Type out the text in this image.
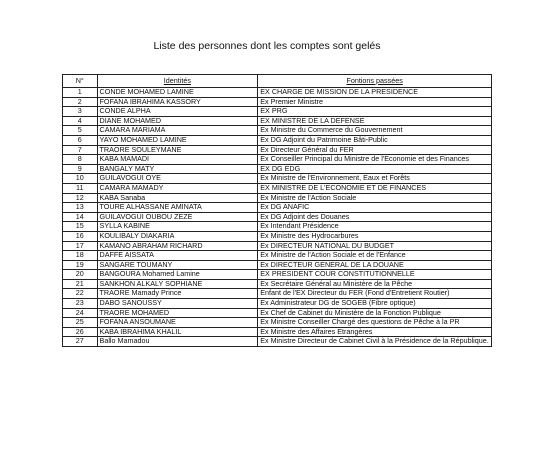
Liste des personnes dont les comptes sont gelés
N°	Identités	Fontions passées
1	CONDE MOHAMED LAMINE	EX CHARGE DE MISSION DE LA PRESIDENCE
2	FOFANA IBRAHIMA KASSORY	Ex Premier Ministre
3	CONDE ALPHA	EX PRG
4	DIANE MOHAMED	EX MINISTRE DE LA DEFENSE
5	CAMARA MARIAMA	Ex Ministre du Commerce du Gouvernement
6	YAYO MOHAMED LAMINE	Ex DG Adjoint du Patrimoine Bâti-Public
7	TRAORE SOULEYMANE	Ex Directeur Général du FER
8	KABA MAMADI	Ex Conseiller Principal du Ministre de l'Economie et des Finances
9	BANGALY MATY	EX DG EDG
10	GUILAVOGUI OYE	Ex Ministre de l'Environnement, Eaux et Forêts
11	CAMARA MAMADY	EX MINISTRE DE L'ECONOMIE ET DE FINANCES
12	KABA Sanaba	Ex Ministre de l'Action Sociale
13	TOURE ALHASSANE AMINATA	Ex DG ANAFIC
14	GUILAVOGUI OUBOU ZEZE	Ex DG Adjoint des Douanes
15	SYLLA KABINE	Ex Intendant Présidence
16	KOULIBALY DIAKARIA	Ex Ministre des Hydrocarbures
17	KAMANO ABRAHAM RICHARD	Ex DIRECTEUR NATIONAL DU BUDGET
18	DAFFE AISSATA	Ex Ministre de l'Action Sociale et de l'Enfance
19	SANGARE TOUMANY	Ex DIRECTEUR GENERAL DE LA DOUANE
20	BANGOURA Mohamed Lamine	EX PRESIDENT COUR CONSTITUTIONNELLE
21	SANKHON ALKALY SOPHIANE	Ex Secrétaire Général au Ministère de la Pêche
22	TRAORE Mamady Prince	Enfant de l'EX Directeur du FER (Fond d'Entretient Routier)
23	DABO SANOUSSY	Ex Administrateur DG de SOGEB (Fibre optique)
24	TRAORE MOHAMED	Ex Chef de Cabinet du Ministère de la Fonction Publique
25	FOFANA ANSOUMANE	Ex Ministre Conseiller Chargé des questions de Pêche à la PR
26	KABA IBRAHIMA KHALIL	Ex Ministre des Affaires Etrangères
27	Ballo Mamadou	Ex Ministre Directeur de Cabinet Civil à la Présidence de la République.
